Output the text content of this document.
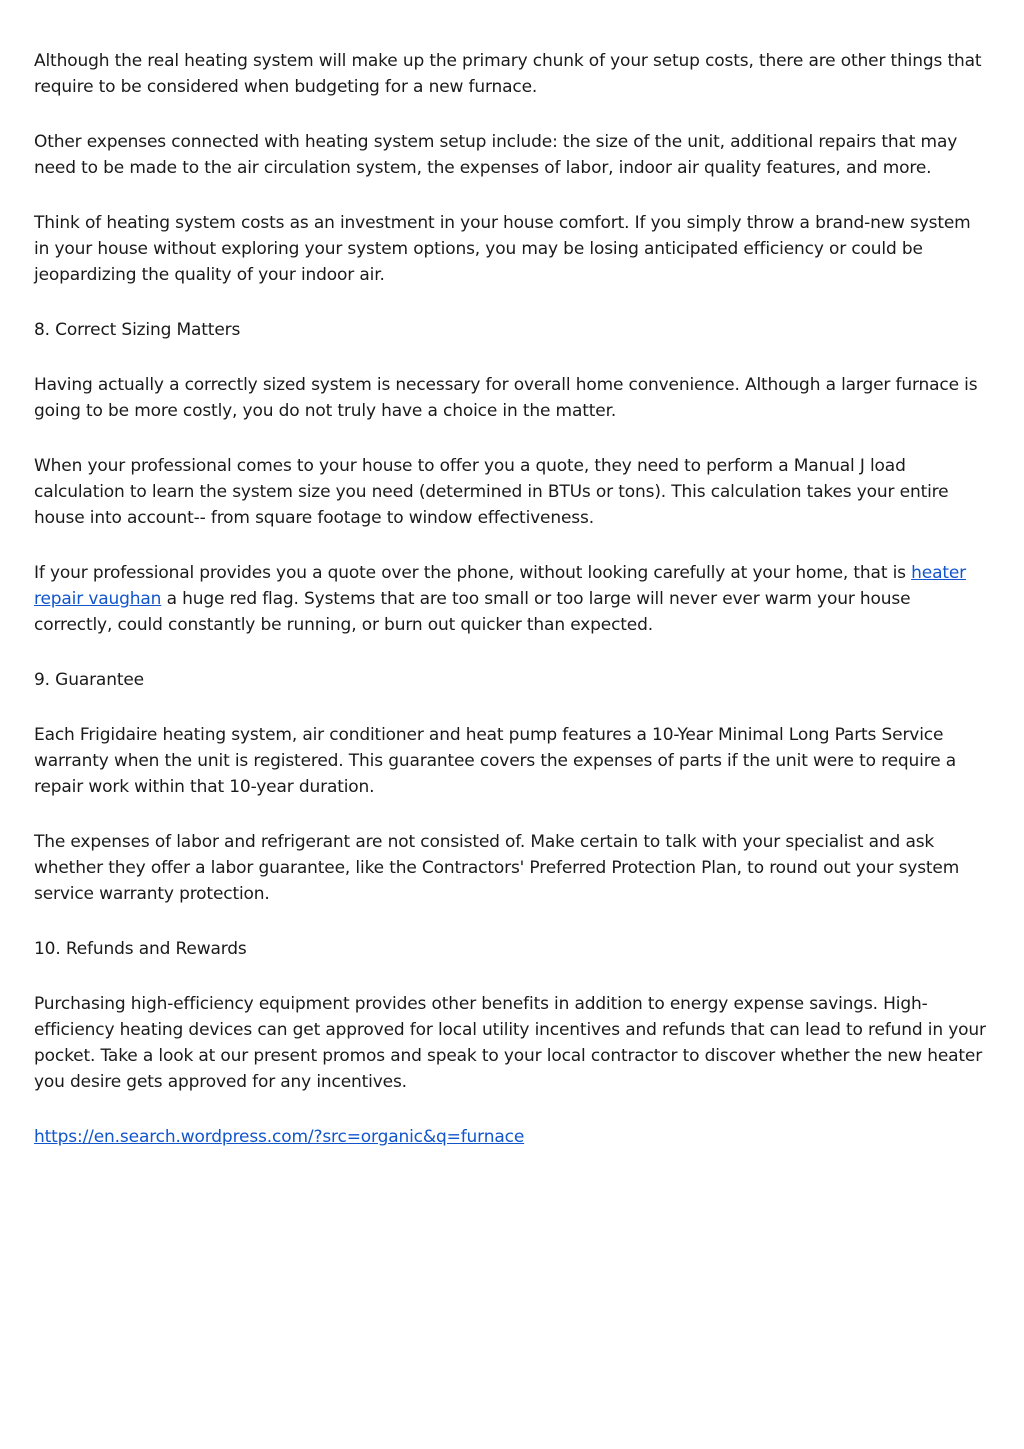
Although the real heating system will make up the primary chunk of your setup costs, there are other things that require to be considered when budgeting for a new furnace.

Other expenses connected with heating system setup include: the size of the unit, additional repairs that may need to be made to the air circulation system, the expenses of labor, indoor air quality features, and more.

Think of heating system costs as an investment in your house comfort. If you simply throw a brand-new system in your house without exploring your system options, you may be losing anticipated efficiency or could be jeopardizing the quality of your indoor air.

8. Correct Sizing Matters

Having actually a correctly sized system is necessary for overall home convenience. Although a larger furnace is going to be more costly, you do not truly have a choice in the matter.

When your professional comes to your house to offer you a quote, they need to perform a Manual J load calculation to learn the system size you need (determined in BTUs or tons). This calculation takes your entire house into account-- from square footage to window effectiveness.

If your professional provides you a quote over the phone, without looking carefully at your home, that is heater repair vaughan a huge red flag. Systems that are too small or too large will never ever warm your house correctly, could constantly be running, or burn out quicker than expected.

9. Guarantee

Each Frigidaire heating system, air conditioner and heat pump features a 10-Year Minimal Long Parts Service warranty when the unit is registered. This guarantee covers the expenses of parts if the unit were to require a repair work within that 10-year duration.

The expenses of labor and refrigerant are not consisted of. Make certain to talk with your specialist and ask whether they offer a labor guarantee, like the Contractors' Preferred Protection Plan, to round out your system service warranty protection.

10. Refunds and Rewards

Purchasing high-efficiency equipment provides other benefits in addition to energy expense savings. High-efficiency heating devices can get approved for local utility incentives and refunds that can lead to refund in your pocket. Take a look at our present promos and speak to your local contractor to discover whether the new heater you desire gets approved for any incentives.

https://en.search.wordpress.com/?src=organic&q=furnace
